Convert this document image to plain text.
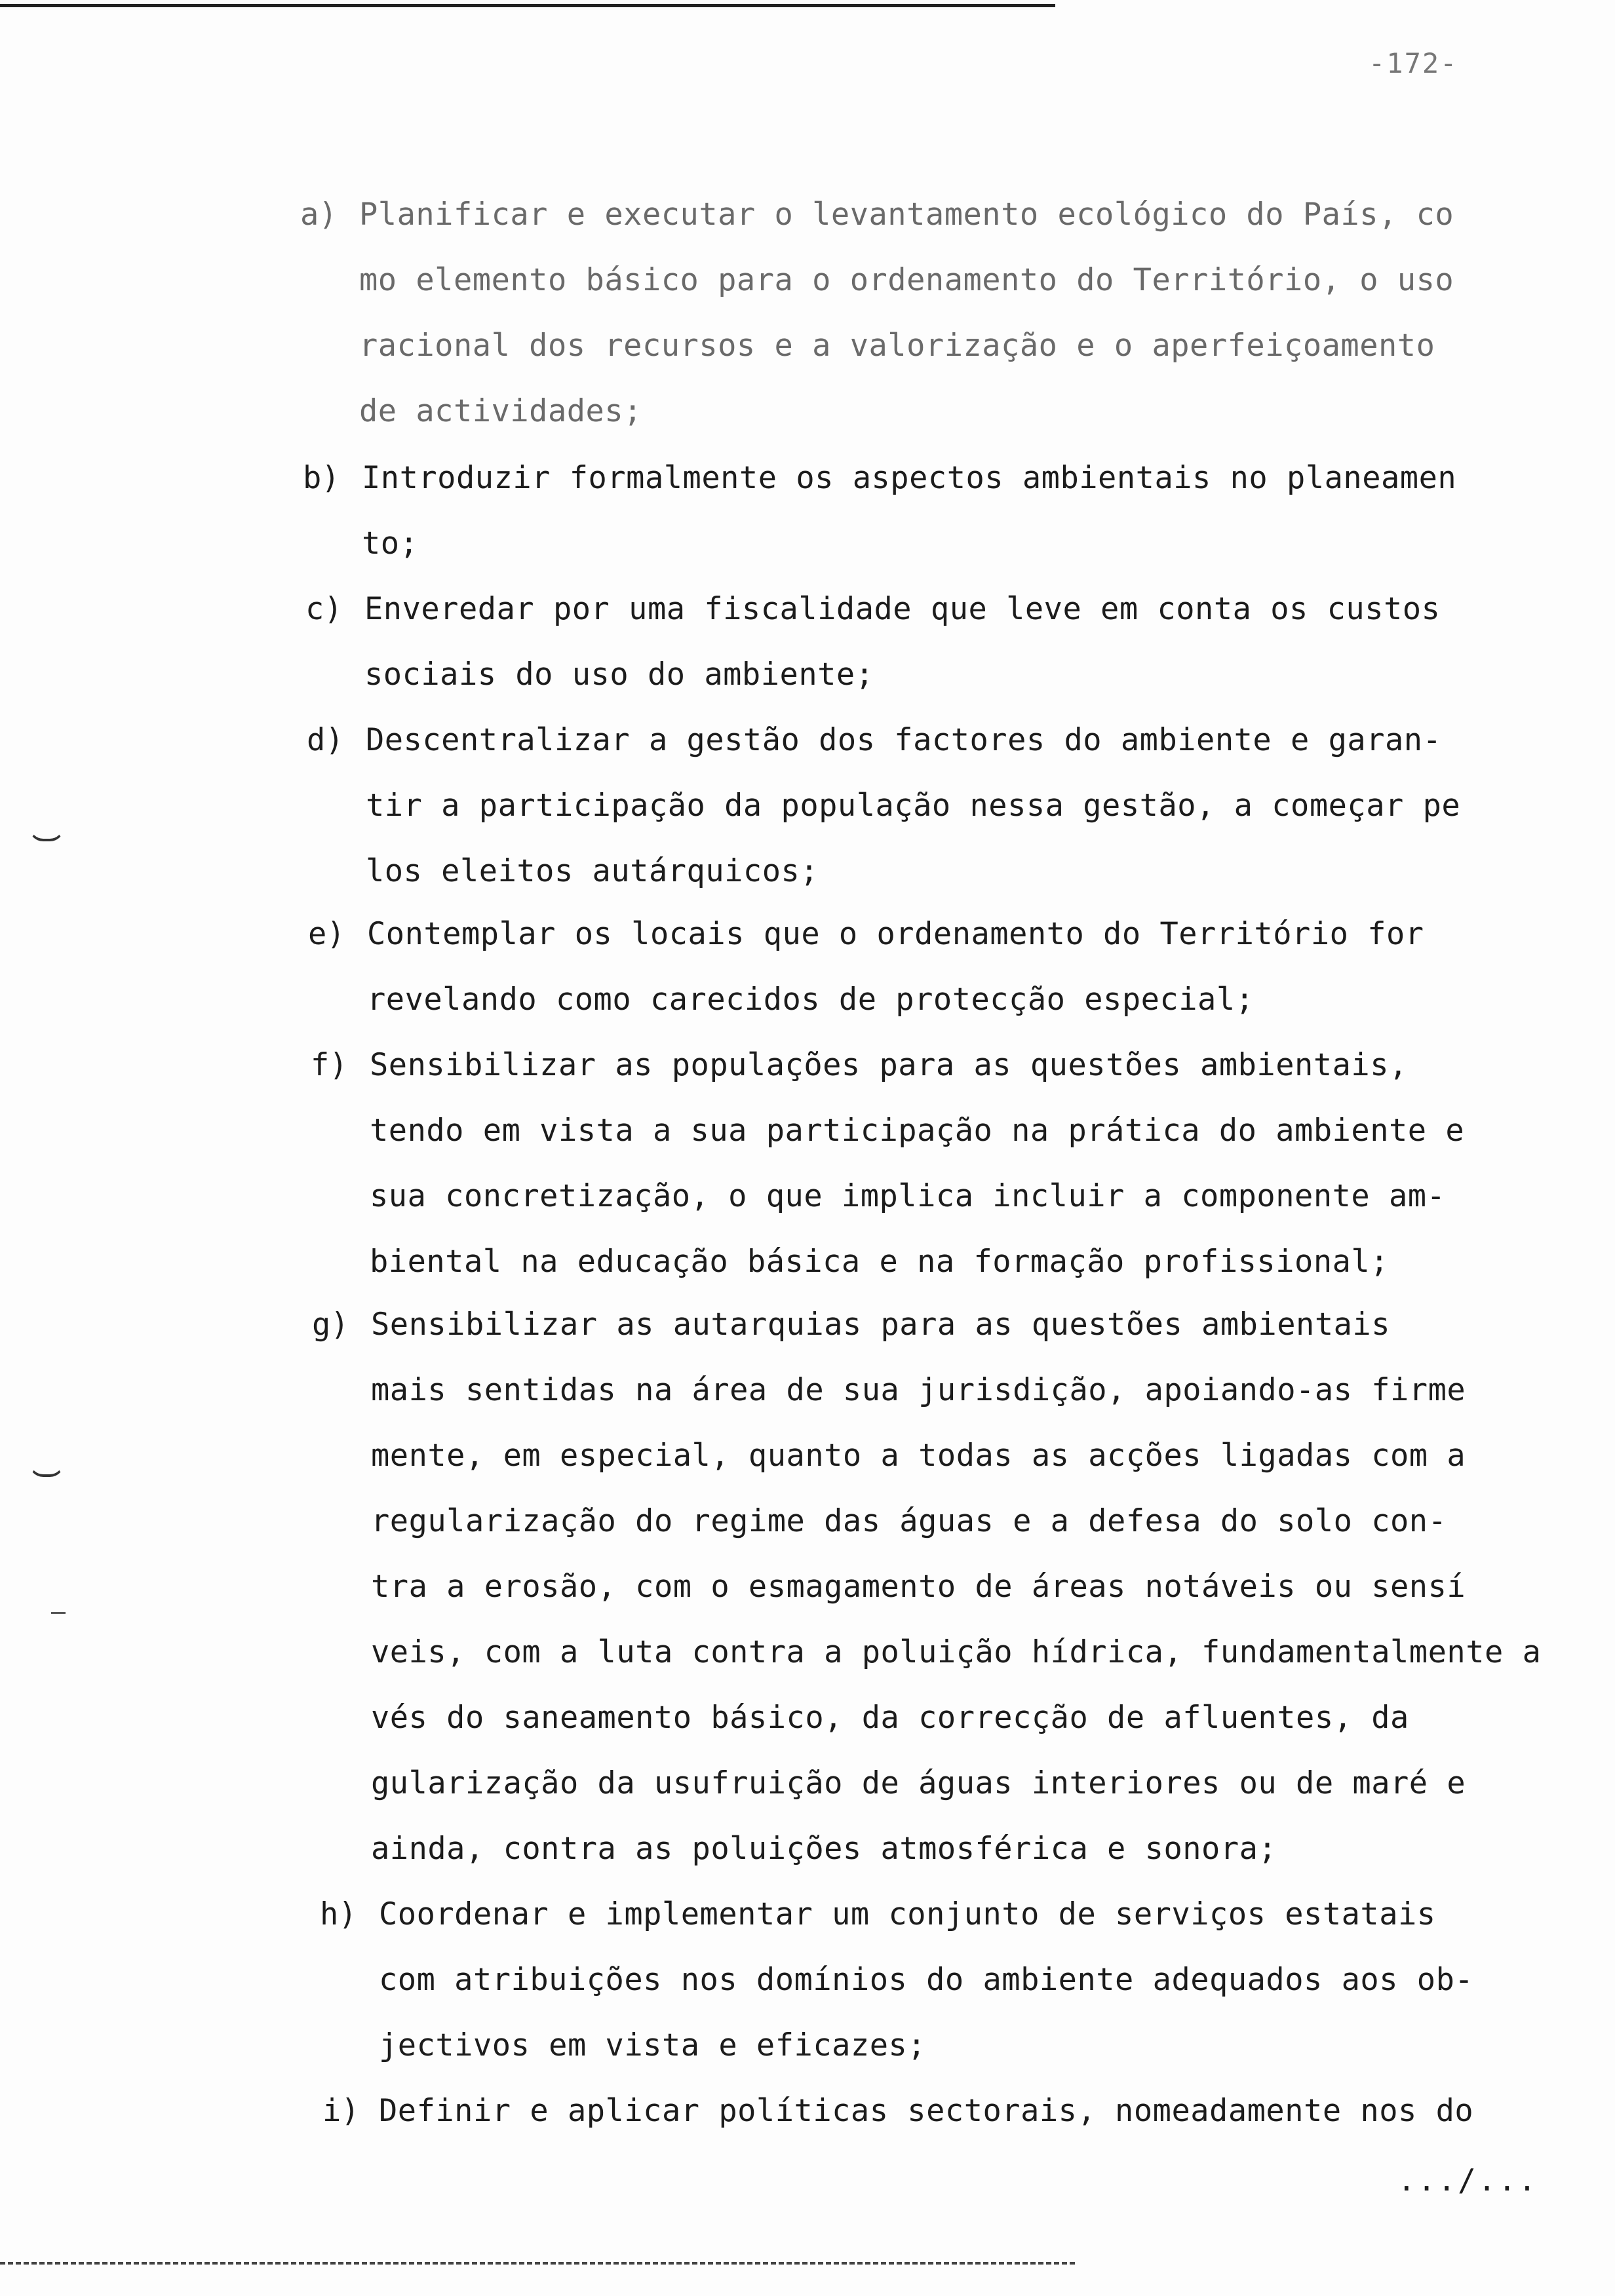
-172-
a) Planificar e executar o levantamento ecológico do País, co
mo elemento básico para o ordenamento do Território, o uso
racional dos recursos e a valorização e o aperfeiçoamento
de actividades;
b) Introduzir formalmente os aspectos ambientais no planeamen
to;
c) Enveredar por uma fiscalidade que leve em conta os custos
sociais do uso do ambiente;
d) Descentralizar a gestão dos factores do ambiente e garan-
tir a participação da população nessa gestão, a começar pe
los eleitos autárquicos;
e) Contemplar os locais que o ordenamento do Território for
revelando como carecidos de protecção especial;
f) Sensibilizar as populações para as questões ambientais,
tendo em vista a sua participação na prática do ambiente e
sua concretização, o que implica incluir a componente am-
biental na educação básica e na formação profissional;
g) Sensibilizar as autarquias para as questões ambientais
mais sentidas na área de sua jurisdição, apoiando-as firme
mente, em especial, quanto a todas as acções ligadas com a
regularização do regime das águas e a defesa do solo con-
tra a erosão, com o esmagamento de áreas notáveis ou sensí
veis, com a luta contra a poluição hídrica, fundamentalmente a
vés do saneamento básico, da correcção de afluentes, da
gularização da usufruição de águas interiores ou de maré e
ainda, contra as poluições atmosférica e sonora;
h) Coordenar e implementar um conjunto de serviços estatais
com atribuições nos domínios do ambiente adequados aos ob-
jectivos em vista e eficazes;
i) Definir e aplicar políticas sectorais, nomeadamente nos do
.../...
